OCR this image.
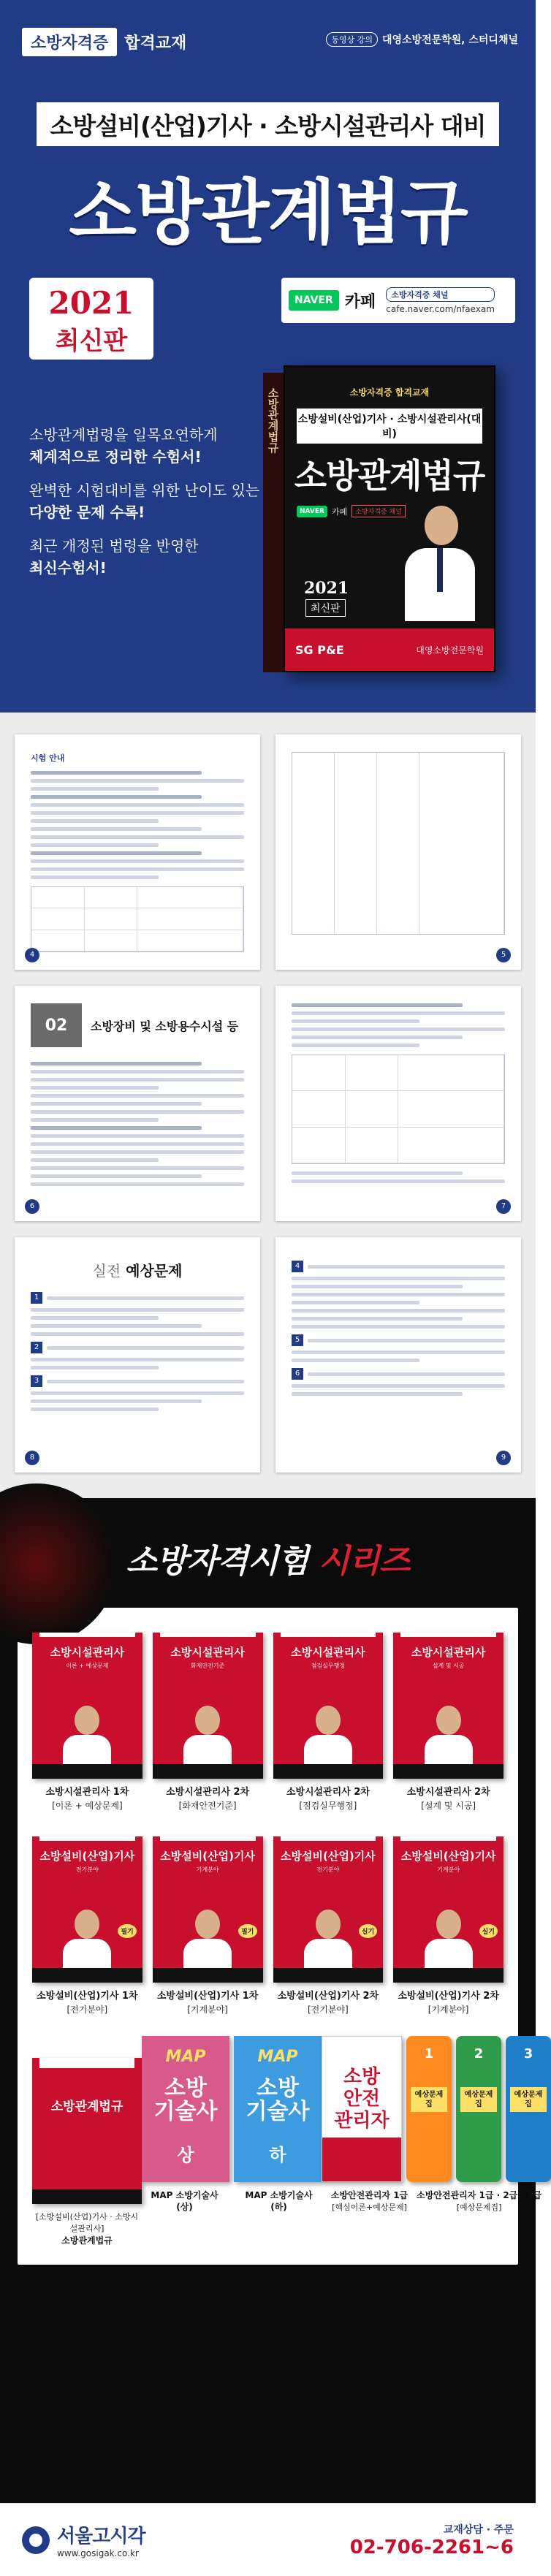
소방자격증	합격교재	동영상 강의 대영소방전문학원, 스터디채널
소방설비(산업)기사 · 소방시설관리사 대비
소방관계법규
2021
최신판
NAVER 카페	소방자격증 채널
cafe.naver.com/nfaexam

소방관계법령을 일목요연하게

체계적으로 정리한 수험서!

완벽한 시험대비를 위한 난이도 있는

다양한 문제 수록!

최근 개정된 법령을 반영한

최신수험서!

소방관계법규	소방자격증 합격교재
소방설비(산업)기사 · 소방시설관리사(대비)
소방관계법규
NAVER 카페	소방자격증 채널
2021
최신판
SG P&E	대영소방전문학원
시험 안내
4	5
02	소방장비 및 소방용수시설 등
6	7
실전 예상문제
1
2
3
8
4
5
6
9
소방자격시험 시리즈
소방시설관리사
이론 + 예상문제
소방시설관리사 1차
[이론 + 예상문제]
소방시설관리사
화재안전기준
소방시설관리사 2차
[화재안전기준]
소방시설관리사
점검실무행정
소방시설관리사 2차
[점검실무행정]
소방시설관리사
설계 및 시공
소방시설관리사 2차
[설계 및 시공]
소방설비(산업)기사
전기분야
필기
소방설비(산업)기사 1차
[전기분야]
소방설비(산업)기사
기계분야
필기
소방설비(산업)기사 1차
[기계분야]
소방설비(산업)기사
전기분야
실기
소방설비(산업)기사 2차
[전기분야]
소방설비(산업)기사
기계분야
실기
소방설비(산업)기사 2차
[기계분야]
소방관계법규
[소방설비(산업)기사 · 소방시설관리사]
소방관계법규
MAP
소방
기술사
상
MAP
소방
기술사
하
MAP 소방기술사 (상)
MAP 소방기술사 (하)
소방
안전
관리자
1
예상문제집
2
예상문제집
3
예상문제집
소방안전관리자 1급
[핵심이론+예상문제]
소방안전관리자 1급 · 2급 · 3급
[예상문제집]
서울고시각
www.gosigak.co.kr
교재상담 · 주문
02-706-2261~6
